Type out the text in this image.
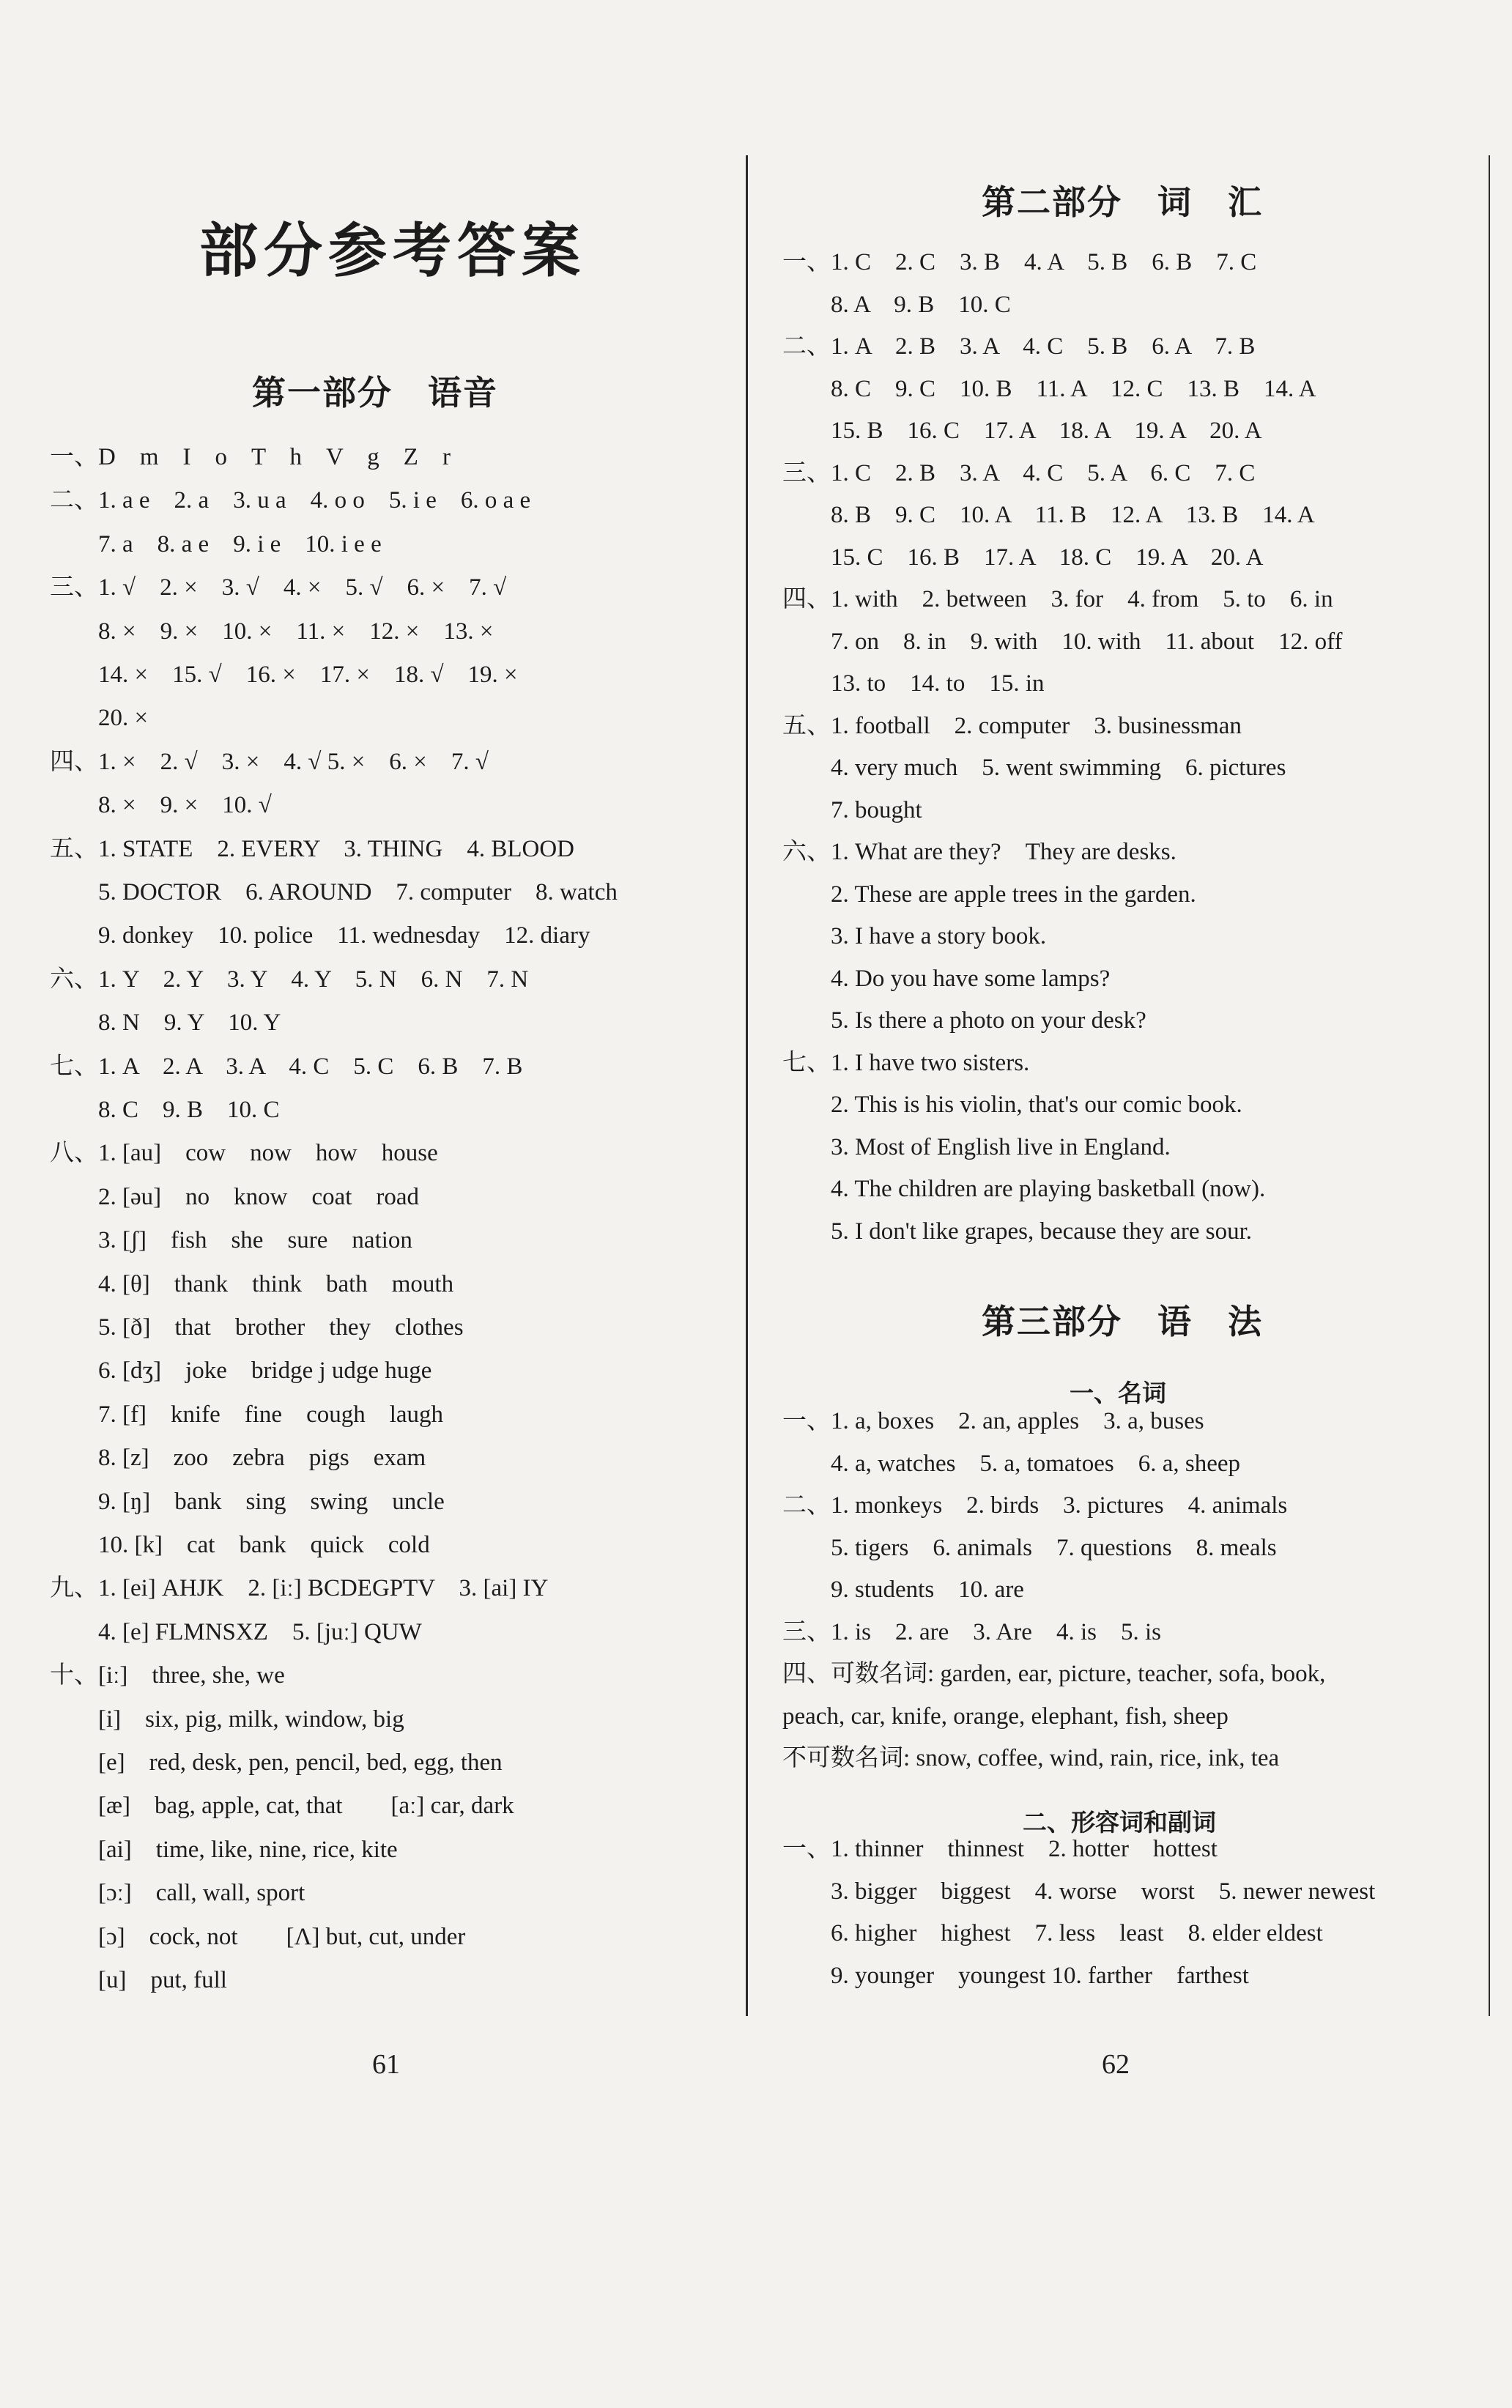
部分参考答案
第一部分　语音
一、D　m　I　o　T　h　V　g　Z　r
二、1. a e　2. a　3. u a　4. o o　5. i e　6. o a e
　　7. a　8. a e　9. i e　10. i e e
三、1. √　2. ×　3. √　4. ×　5. √　6. ×　7. √
　　8. ×　9. ×　10. ×　11. ×　12. ×　13. ×
　　14. ×　15. √　16. ×　17. ×　18. √　19. ×
　　20. ×
四、1. ×　2. √　3. ×　4. √ 5. ×　6. ×　7. √
　　8. ×　9. ×　10. √
五、1. STATE　2. EVERY　3. THING　4. BLOOD
　　5. DOCTOR　6. AROUND　7. computer　8. watch
　　9. donkey　10. police　11. wednesday　12. diary
六、1. Y　2. Y　3. Y　4. Y　5. N　6. N　7. N
　　8. N　9. Y　10. Y
七、1. A　2. A　3. A　4. C　5. C　6. B　7. B
　　8. C　9. B　10. C
八、1. [au]　cow　now　how　house
　　2. [əu]　no　know　coat　road
　　3. [ʃ]　fish　she　sure　nation
　　4. [θ]　thank　think　bath　mouth
　　5. [ð]　that　brother　they　clothes
　　6. [dʒ]　joke　bridge j udge huge
　　7. [f]　knife　fine　cough　laugh
　　8. [z]　zoo　zebra　pigs　exam
　　9. [ŋ]　bank　sing　swing　uncle
　　10. [k]　cat　bank　quick　cold
九、1. [ei] AHJK　2. [iː] BCDEGPTV　3. [ai] IY
　　4. [e] FLMNSXZ　5. [juː] QUW
十、[iː]　three, she, we
　　[i]　six, pig, milk, window, big
　　[e]　red, desk, pen, pencil, bed, egg, then
　　[æ]　bag, apple, cat, that　　[aː] car, dark
　　[ai]　time, like, nine, rice, kite
　　[ɔː]　call, wall, sport
　　[ɔ]　cock, not　　[Λ] but, cut, under
　　[u]　put, full
61
第二部分　词　汇
一、1. C　2. C　3. B　4. A　5. B　6. B　7. C
　　8. A　9. B　10. C
二、1. A　2. B　3. A　4. C　5. B　6. A　7. B
　　8. C　9. C　10. B　11. A　12. C　13. B　14. A
　　15. B　16. C　17. A　18. A　19. A　20. A
三、1. C　2. B　3. A　4. C　5. A　6. C　7. C
　　8. B　9. C　10. A　11. B　12. A　13. B　14. A
　　15. C　16. B　17. A　18. C　19. A　20. A
四、1. with　2. between　3. for　4. from　5. to　6. in
　　7. on　8. in　9. with　10. with　11. about　12. off
　　13. to　14. to　15. in
五、1. football　2. computer　3. businessman
　　4. very much　5. went swimming　6. pictures
　　7. bought
六、1. What are they?　They are desks.
　　2. These are apple trees in the garden.
　　3. I have a story book.
　　4. Do you have some lamps?
　　5. Is there a photo on your desk?
七、1. I have two sisters.
　　2. This is his violin, that's our comic book.
　　3. Most of English live in England.
　　4. The children are playing basketball (now).
　　5. I don't like grapes, because they are sour.
第三部分　语　法
一、名词
一、1. a, boxes　2. an, apples　3. a, buses
　　4. a, watches　5. a, tomatoes　6. a, sheep
二、1. monkeys　2. birds　3. pictures　4. animals
　　5. tigers　6. animals　7. questions　8. meals
　　9. students　10. are
三、1. is　2. are　3. Are　4. is　5. is
四、可数名词: garden, ear, picture, teacher, sofa, book,
peach, car, knife, orange, elephant, fish, sheep
不可数名词: snow, coffee, wind, rain, rice, ink, tea
二、形容词和副词
一、1. thinner　thinnest　2. hotter　hottest
　　3. bigger　biggest　4. worse　worst　5. newer newest
　　6. higher　highest　7. less　least　8. elder eldest
　　9. younger　youngest 10. farther　farthest
62
